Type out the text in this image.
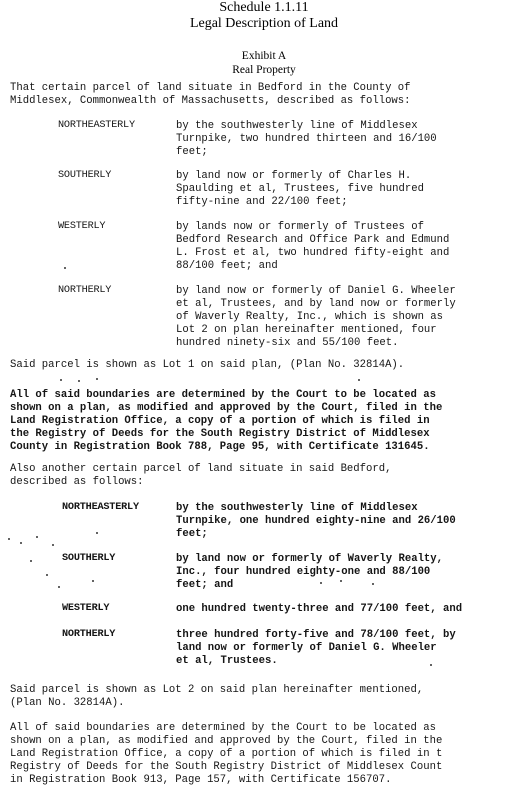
Schedule 1.1.11
Legal Description of Land
Exhibit A
Real Property
That certain parcel of land situate in Bedford in the County of
Middlesex, Commonwealth of Massachusetts, described as follows:
NORTHEASTERLY	by the southwesterly line of Middlesex
Turnpike, two hundred thirteen and 16/100
feet;
SOUTHERLY	by land now or formerly of Charles H.
Spaulding et al, Trustees, five hundred
fifty-nine and 22/100 feet;
WESTERLY	by lands now or formerly of Trustees of
Bedford Research and Office Park and Edmund
L. Frost et al, two hundred fifty-eight and
88/100 feet; and
NORTHERLY	by land now or formerly of Daniel G. Wheeler
et al, Trustees, and by land now or formerly
of Waverly Realty, Inc., which is shown as
Lot 2 on plan hereinafter mentioned, four
hundred ninety-six and 55/100 feet.
Said parcel is shown as Lot 1 on said plan, (Plan No. 32814A).
All of said boundaries are determined by the Court to be located as
shown on a plan, as modified and approved by the Court, filed in the
Land Registration Office, a copy of a portion of which is filed in
the Registry of Deeds for the South Registry District of Middlesex
County in Registration Book 788, Page 95, with Certificate 131645.
Also another certain parcel of land situate in said Bedford,
described as follows:
NORTHEASTERLY	by the southwesterly line of Middlesex
Turnpike, one hundred eighty-nine and 26/100
feet;
SOUTHERLY	by land now or formerly of Waverly Realty,
Inc., four hundred eighty-one and 88/100
feet; and
WESTERLY	one hundred twenty-three and 77/100 feet, and
NORTHERLY	three hundred forty-five and 78/100 feet, by
land now or formerly of Daniel G. Wheeler
et al, Trustees.
Said parcel is shown as Lot 2 on said plan hereinafter mentioned,
(Plan No. 32814A).
All of said boundaries are determined by the Court to be located as
shown on a plan, as modified and approved by the Court, filed in the
Land Registration Office, a copy of a portion of which is filed in t
Registry of Deeds for the South Registry District of Middlesex Count
in Registration Book 913, Page 157, with Certificate 156707.
